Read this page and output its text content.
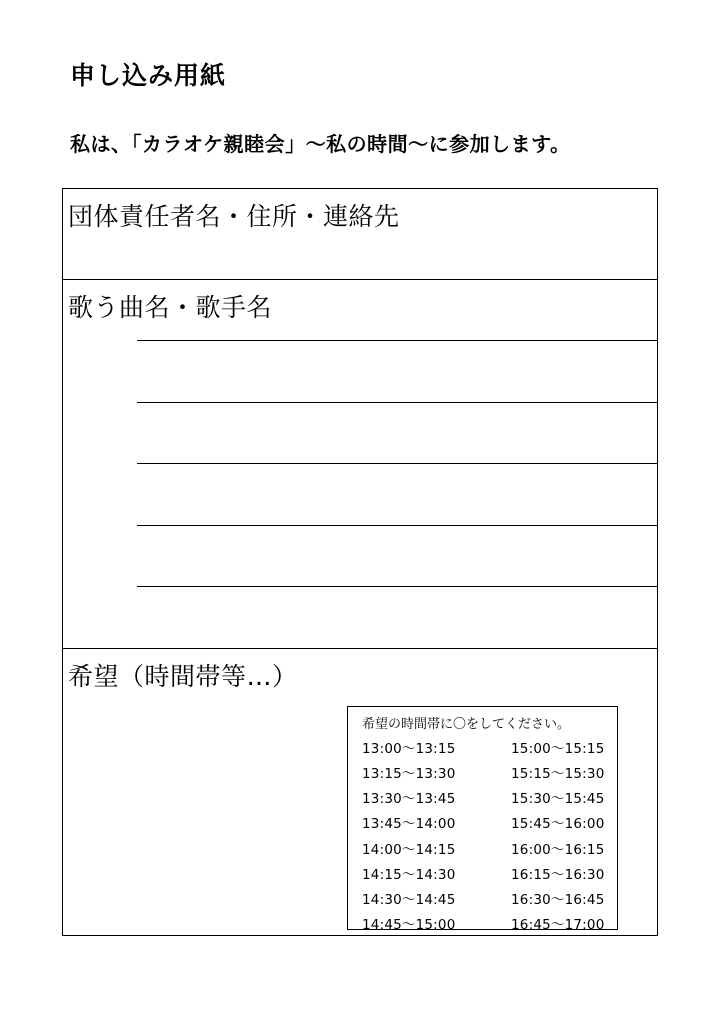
申し込み用紙
私は、「カラオケ親睦会」～私の時間～に参加します。
団体責任者名・住所・連絡先
歌う曲名・歌手名
希望（時間帯等…）
希望の時間帯に〇をしてください。
13:00～13:15
13:15～13:30
13:30～13:45
13:45～14:00
14:00～14:15
14:15～14:30
14:30～14:45
14:45～15:00
15:00～15:15
15:15～15:30
15:30～15:45
15:45～16:00
16:00～16:15
16:15～16:30
16:30～16:45
16:45～17:00
